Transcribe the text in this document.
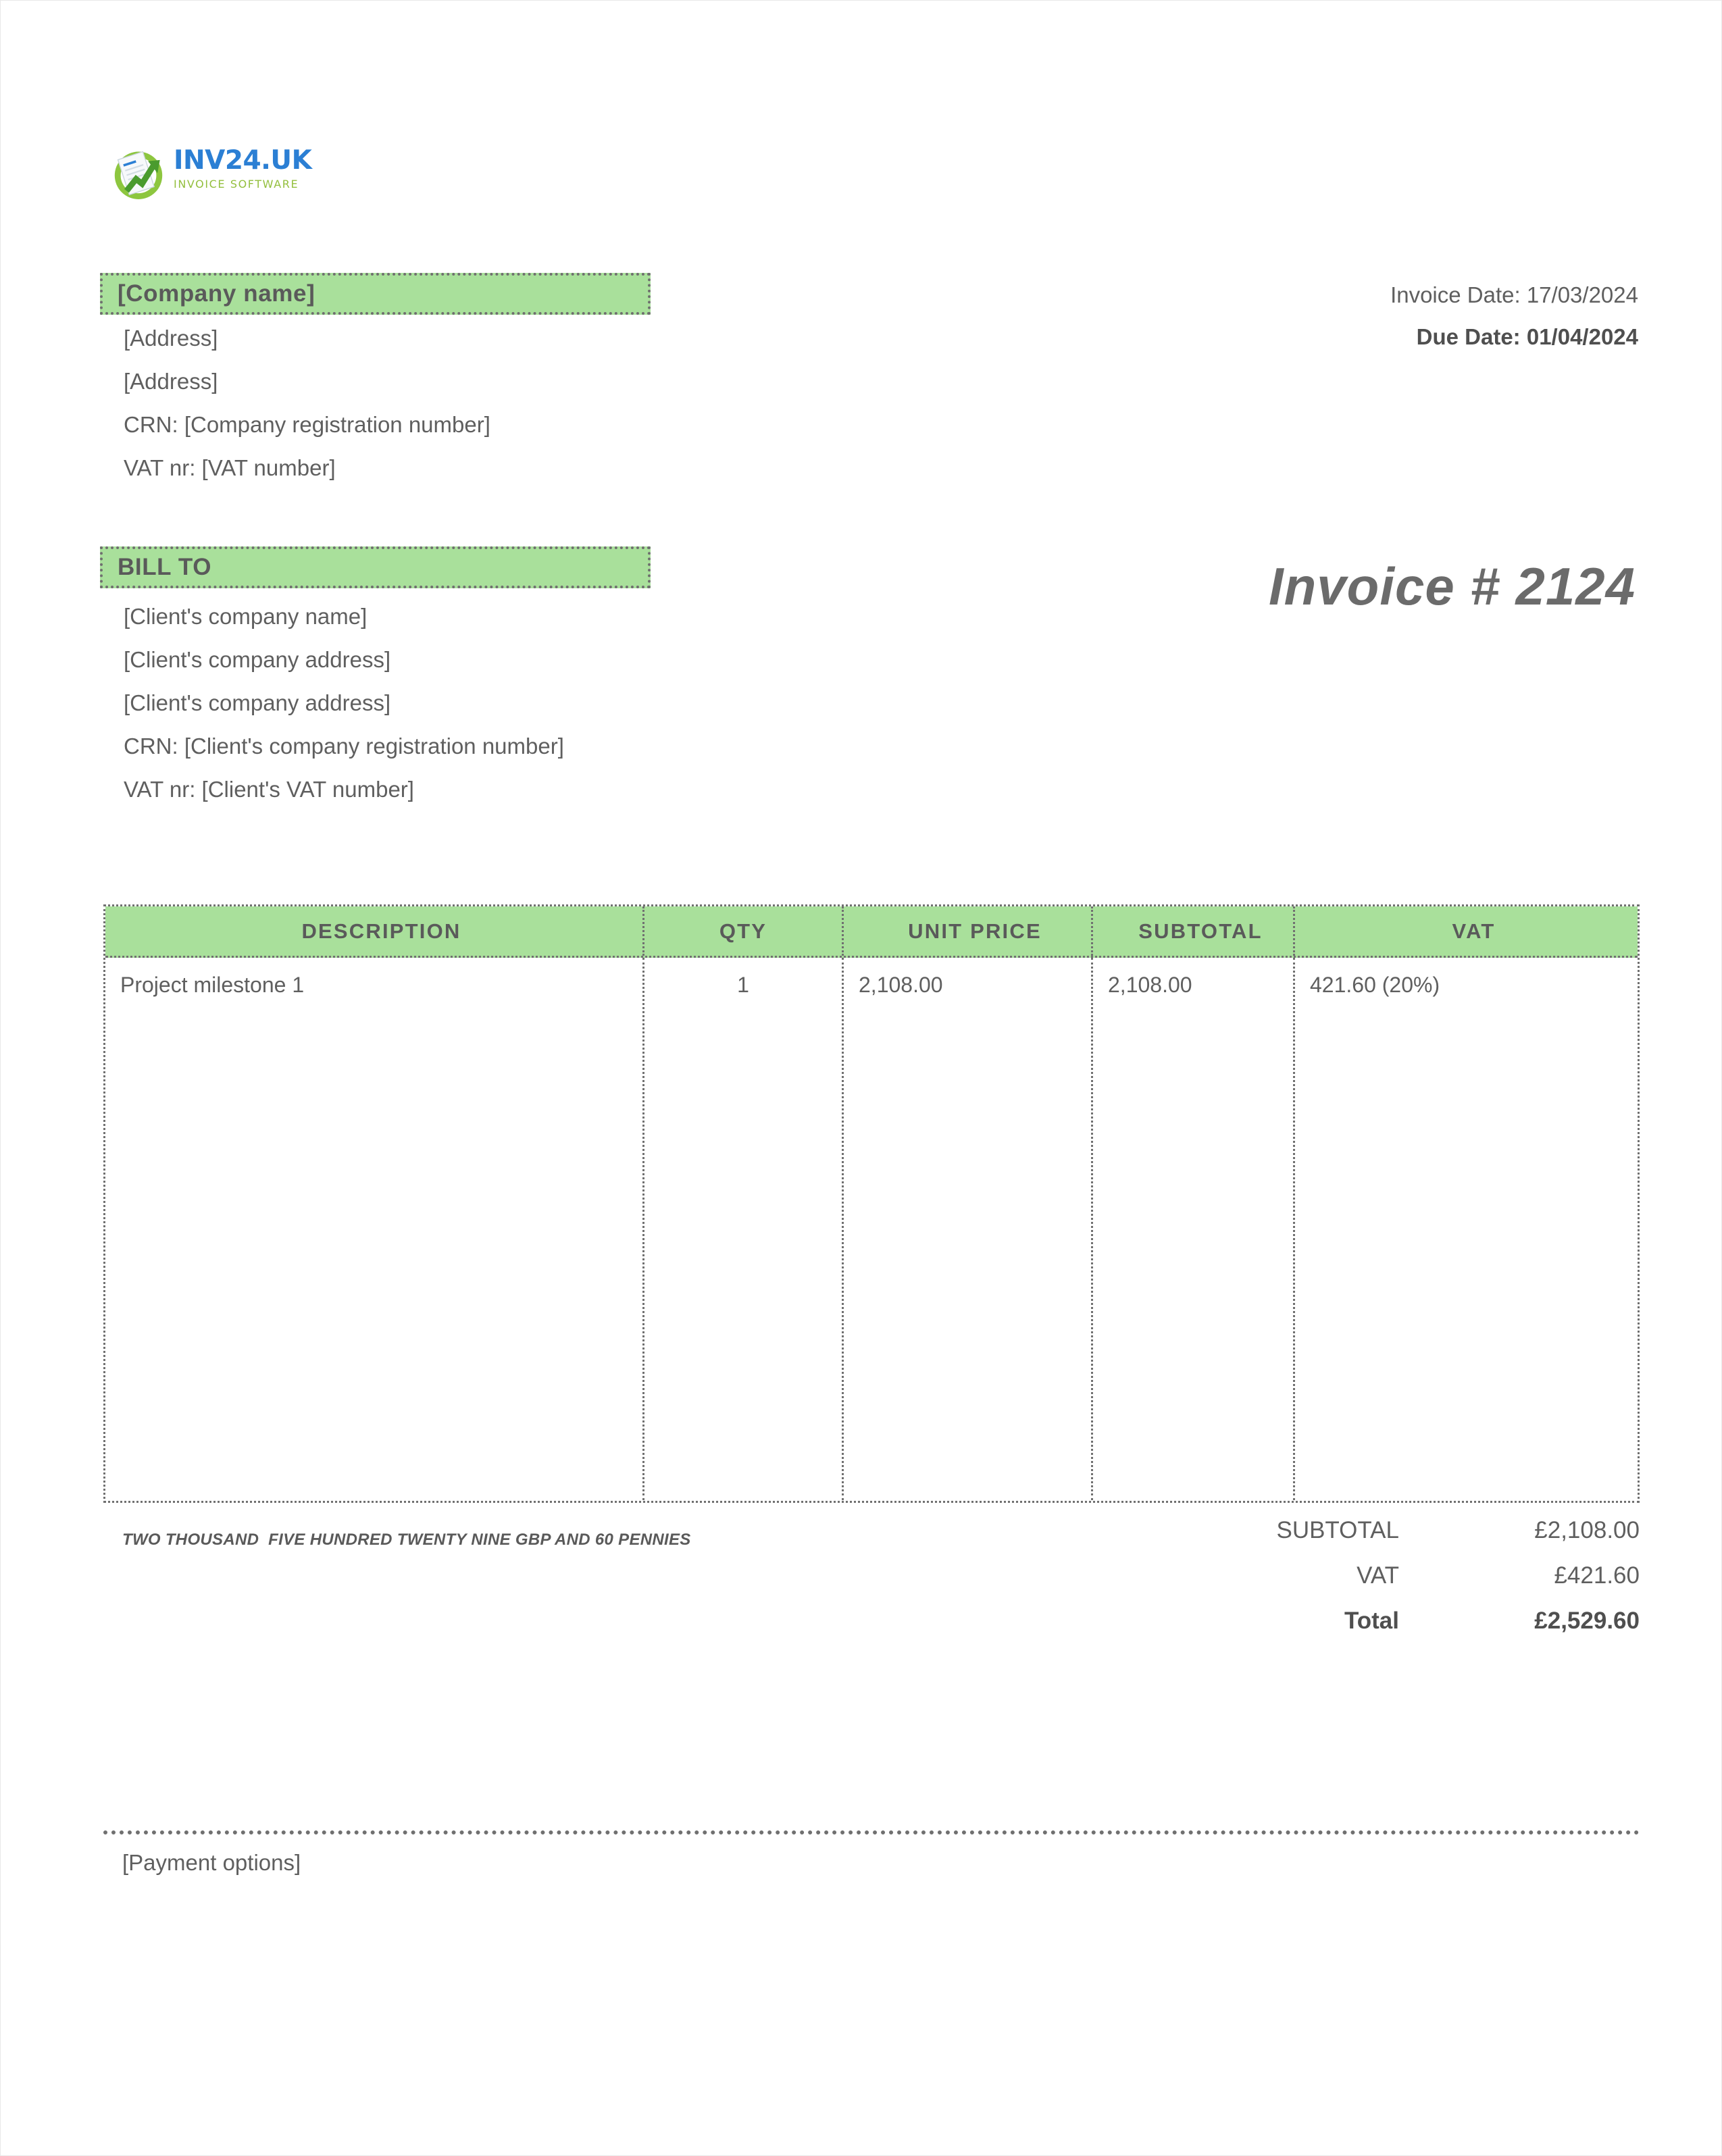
INV24.UK
INVOICE SOFTWARE
[Company name]
[Address]
[Address]
CRN: [Company registration number]
VAT nr: [VAT number]
Invoice Date: 17/03/2024
Due Date: 01/04/2024
BILL TO	Invoice # 2124
[Client's company name]
[Client's company address]
[Client's company address]
CRN: [Client's company registration number]
VAT nr: [Client's VAT number]
DESCRIPTION	QTY	UNIT PRICE	SUBTOTAL	VAT
Project milestone 1	1	2,108.00	2,108.00	421.60 (20%)
TWO THOUSAND  FIVE HUNDRED TWENTY NINE GBP AND 60 PENNIES	SUBTOTAL	£2,108.00
VAT	£421.60
Total	£2,529.60
[Payment options]
